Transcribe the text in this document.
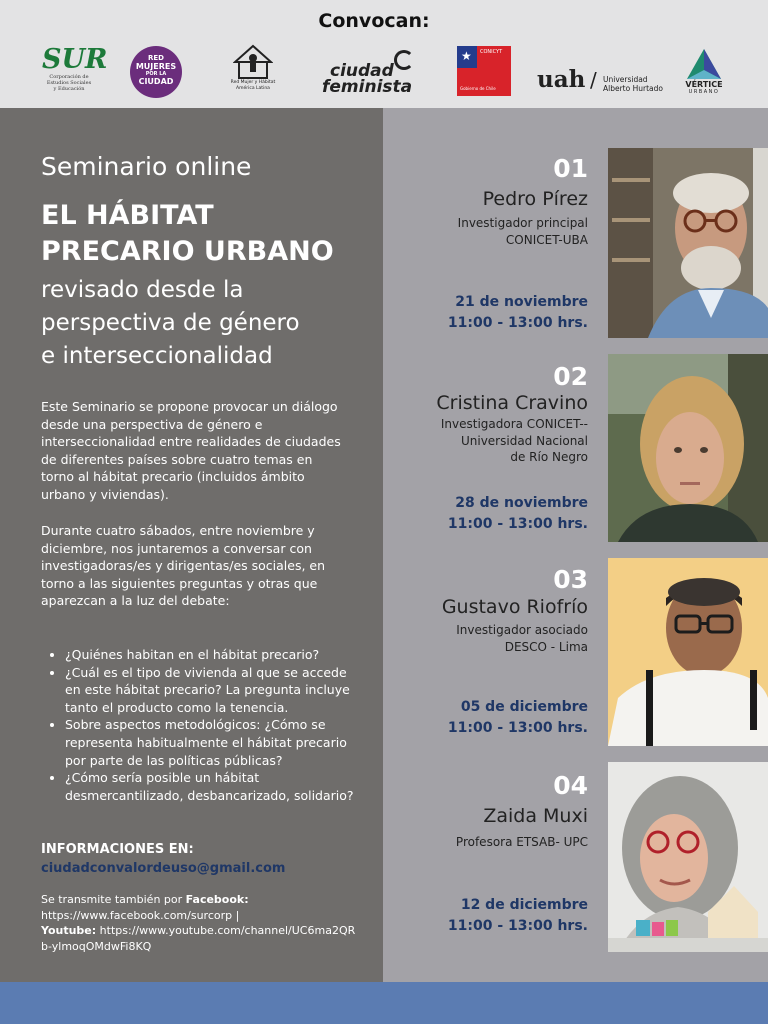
Convocan:
SUR
Corporación de
Estudios Sociales
y Educación
RED
MUJERES
POR LA
CIUDAD	Red Mujer y Hábitat
América Latina
ciudad
feminista
★ CONICYT
Gobierno de Chile uah / Universidad
Alberto Hurtado	VÉRTICE
URBANO
Seminario online
EL HÁBITAT
PRECARIO URBANO
revisado desde la
perspectiva de género
e interseccionalidad
Este Seminario se propone provocar un diálogo desde una perspectiva de género e interseccionalidad entre realidades de ciudades de diferentes países sobre cuatro temas en torno al hábitat precario (incluidos ámbito urbano y viviendas).
Durante cuatro sábados, entre noviembre y diciembre, nos juntaremos a conversar con investigadoras/es y dirigentas/es sociales, en torno a las siguientes preguntas y otras que aparezcan a la luz del debate:
• ¿Quiénes habitan en el hábitat precario?
• ¿Cuál es el tipo de vivienda al que se accede en este hábitat precario? La pregunta incluye tanto el producto como la tenencia.
• Sobre aspectos metodológicos: ¿Cómo se representa habitualmente el hábitat precario por parte de las políticas públicas?
• ¿Cómo sería posible un hábitat desmercantilizado, desbancarizado, solidario?
INFORMACIONES EN:
ciudadconvalordeuso@gmail.com
Se transmite también por Facebook:
https://www.facebook.com/surcorp |
Youtube: https://www.youtube.com/channel/UC6ma2QRb-ylmoqOMdwFi8KQ
01
Pedro Pírez
Investigador principal
CONICET-UBA
21 de noviembre
11:00 - 13:00 hrs.
02
Cristina Cravino
Investigadora CONICET--
Universidad Nacional
de Río Negro
28 de noviembre
11:00 - 13:00 hrs.
03
Gustavo Riofrío
Investigador asociado
DESCO - Lima
05 de diciembre
11:00 - 13:00 hrs.
04
Zaida Muxi
Profesora ETSAB- UPC
12 de diciembre
11:00 - 13:00 hrs.
